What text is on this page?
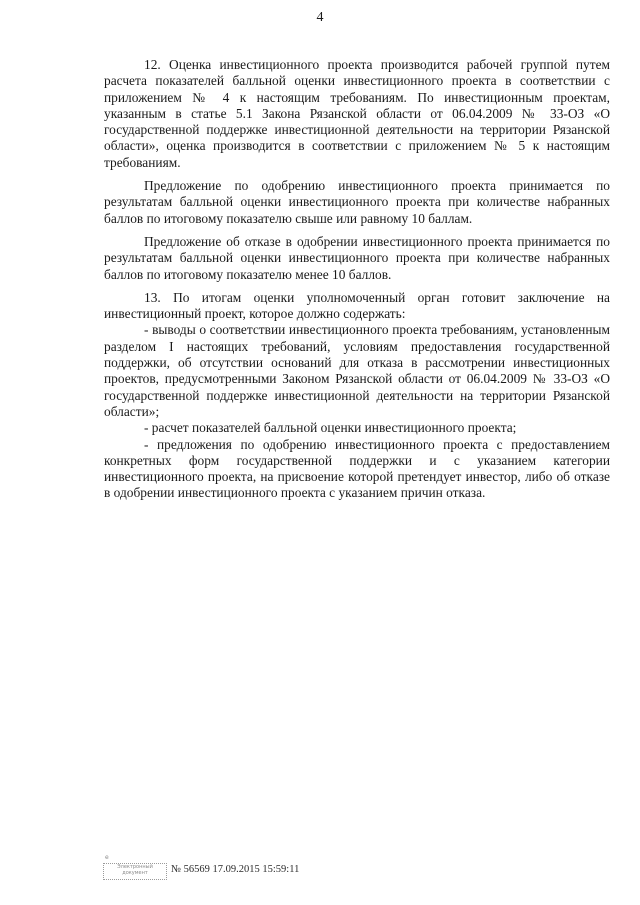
4

12. Оценка инвестиционного проекта производится рабочей группой путем расчета показателей балльной оценки инвестиционного проекта в соответствии с приложением № 4 к настоящим требованиям. По инвестиционным проектам, указанным в статье 5.1 Закона Рязанской области от 06.04.2009 № 33-ОЗ «О государственной поддержке инвестиционной деятельности на территории Рязанской области», оценка производится в соответствии с приложением № 5 к настоящим требованиям.

Предложение по одобрению инвестиционного проекта принимается по результатам балльной оценки инвестиционного проекта при количестве набранных баллов по итоговому показателю свыше или равному 10 баллам.

Предложение об отказе в одобрении инвестиционного проекта принимается по результатам балльной оценки инвестиционного проекта при количестве набранных баллов по итоговому показателю менее 10 баллов.

13. По итогам оценки уполномоченный орган готовит заключение на инвестиционный проект, которое должно содержать:

- выводы о соответствии инвестиционного проекта требованиям, установленным разделом I настоящих требований, условиям предоставления государственной поддержки, об отсутствии оснований для отказа в рассмотрении инвестиционных проектов, предусмотренными Законом Рязанской области от 06.04.2009 № 33-ОЗ «О государственной поддержке инвестиционной деятельности на территории Рязанской области»;

- расчет показателей балльной оценки инвестиционного проекта;

- предложения по одобрению инвестиционного проекта с предоставлением конкретных форм государственной поддержки и с указанием категории инвестиционного проекта, на присвоение которой претендует инвестор, либо об отказе в одобрении инвестиционного проекта с указанием причин отказа.

е
Электронный
документ	№ 56569 17.09.2015 15:59:11
